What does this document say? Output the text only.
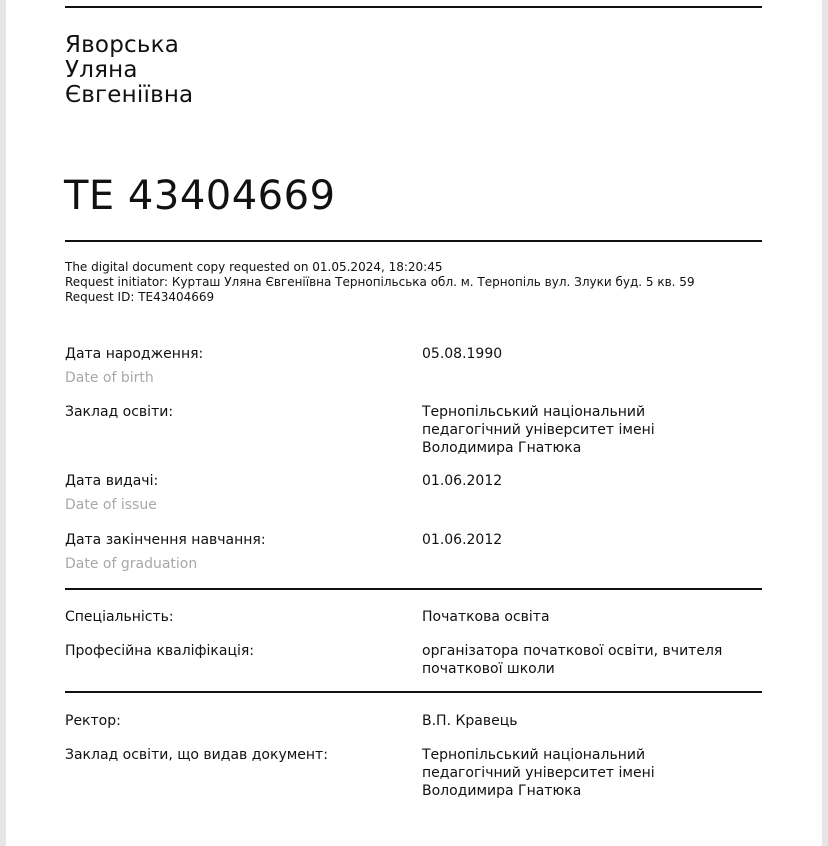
Яворська
Уляна
Євгеніївна
ТЕ 43404669
The digital document copy requested on 01.05.2024, 18:20:45
Request initiator: Курташ Уляна Євгеніївна Тернопільська обл. м. Тернопіль вул. Злуки буд. 5 кв. 59
Request ID: ТЕ43404669
Дата народження:
Date of birth
05.08.1990
Заклад освіти:	Тернопільський національний
педагогічний університет імені
Володимира Гнатюка
Дата видачі:
Date of issue
01.06.2012
Дата закінчення навчання:
Date of graduation
01.06.2012
Спеціальність:	Початкова освіта
Професійна кваліфікація:	організатора початкової освіти, вчителя
початкової школи
Ректор:	В.П. Кравець
Заклад освіти, що видав документ:	Тернопільський національний
педагогічний університет імені
Володимира Гнатюка
